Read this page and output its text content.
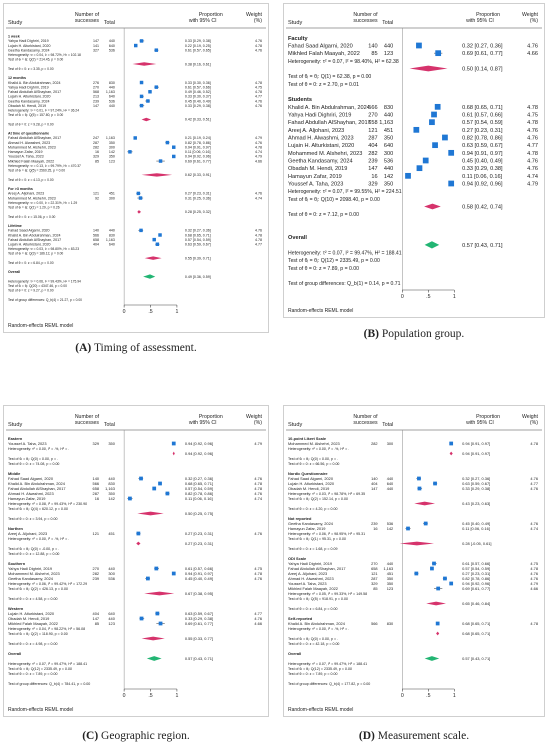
Study
Number of successes Total
Proportion with 95% CI
Weight (%)
1 week
Yahya Hadi Dighriri, 2019	147	440	0.33 [0.29, 0.38]	4.76
Lujain H. Alturkistani, 2020	141	640	0.22 [0.19, 0.25]	4.78
Geetha Kandasamy, 2024	327	536	0.61 [0.57, 0.65]	4.76
Heterogeneity: τ² = 0.04, I² = 98.72%, H² = 102.18
Test of θᵢ = θⱼ: Q(2) = 214.45, p = 0.00
0.38 [0.16, 0.61]
Test of θ = 0: z = 3.35, p = 0.00
12 months
Khalid A. Bin Abdulrahman, 2024	276	830	0.33 [0.30, 0.36]	4.78
Yahya Hadi Dighriri, 2019	270	440	0.61 [0.57, 0.66]	4.75
Fahad Abdullah AlShayhan, 2017	568 1,163	0.49 [0.46, 0.52]	4.78
Lujain H. Alturkistani, 2020	213	640	0.33 [0.30, 0.37]	4.77
Geetha Kandasamy, 2024	239	536	0.45 [0.40, 0.49]	4.76
Obadah M. Hendi, 2019	147	440	0.33 [0.29, 0.38]	4.76
Heterogeneity: τ² = 0.01, I² = 97.24%, H² = 36.24
Test of θᵢ = θⱼ: Q(5) = 157.80, p = 0.00
0.42 [0.33, 0.51]
Test of θ = 0: z = 9.28, p = 0.00
At time of questionnaire
Fahad Abdullah AlShayhan, 2017	247 1,163	0.21 [0.19, 0.24]	4.79
Ahmad H. Alwashmi, 2023	287	350	0.82 [0.78, 0.86]	4.76
Mohammed M. Alshehri, 2023	282	300	0.94 [0.91, 0.97]	4.78
Hamayun Zafar, 2019	16	142	0.11 [0.06, 0.16]	4.74
Youssef A. Taha, 2023	329	350	0.94 [0.92, 0.96]	4.79
Mikhled Falah Maayah, 2022	85	123	0.69 [0.61, 0.77]	4.66
Heterogeneity: τ² = 0.13, I² = 99.79%, H² = 470.37
Test of θᵢ = θⱼ: Q(5) = 2560.25, p = 0.00
0.62 [0.33, 0.91]
Test of θ = 0: z = 4.13, p = 0.00
For >3 months
Areej A. Aljohani, 2023	121	451	0.27 [0.23, 0.31]	4.76
Mohammed M. Alshehri, 2023	92	300	0.31 [0.25, 0.36]	4.74
Heterogeneity: τ² = 0.00, I² = 22.31%, H² = 1.29
Test of θᵢ = θⱼ: Q(1) = 1.29, p = 0.26
0.28 [0.25, 0.32]
Test of θ = 0: z = 15.06, p = 0.00
Lifetime
Fahad Saad Algarni, 2020	140	440	0.32 [0.27, 0.36]	4.76
Khalid A. Bin Abdulrahman, 2024	566	830	0.68 [0.65, 0.71]	4.78
Fahad Abdullah AlShayhan, 2017	658 1,163	0.57 [0.54, 0.59]	4.78
Lujain H. Alturkistani, 2020	404	640	0.63 [0.59, 0.67]	4.77
Heterogeneity: τ² = 0.03, I² = 98.80%, H² = 83.23
Test of θᵢ = θⱼ: Q(3) = 186.12, p = 0.00
0.55 [0.39, 0.71]
Test of θ = 0: z = 6.84, p = 0.00
Overall
0.49 [0.36, 0.59]
Heterogeneity: τ² = 0.06, I² = 99.43%, H² = 175.94
Test of θᵢ = θⱼ: Q(20) = 4347.46, p = 0.00
Test of θ = 0: z = 9.27, p = 0.00
Test of group differences: Q_b(4) = 21.27, p = 0.00
0	.5	1
Random-effects REML model
Study
Number of successes Total
Proportion with 95% CI
Weight (%)
Faculty
Fahad Saad Algarni, 2020	140 440	0.32 [0.27, 0.36]	4.76
Mikhled Falah Maayah, 2022 85 123	0.69 [0.61, 0.77]	4.66
Heterogeneity: τ² = 0.07, I² = 98.40%, H² = 62.38
0.50 [0.14, 0.87]
Test of θᵢ = θⱼ: Q(1) = 62.38, p = 0.00
Test of θ = 0: z = 2.70, p = 0.01
Students
Khalid A. Bin Abdulrahman, 2024
566 830	0.68 [0.65, 0.71]	4.78
Yahya Hadi Dighriri, 2019	270 440	0.61 [0.57, 0.66]	4.75
Fahad Abdullah AlShayhan, 2017
658 1,163	0.57 [0.54, 0.59]	4.78
Areej A. Aljohani, 2023	121 451	0.27 [0.23, 0.31]	4.76
Ahmad H. Alwashmi, 2023	287 350	0.82 [0.78, 0.86]	4.76
Lujain H. Alturkistani, 2020	404 640	0.63 [0.59, 0.67]	4.77
Mohammed M. Alshehri, 2023 282 300	0.94 [0.91, 0.97]	4.78
Geetha Kandasamy, 2024	239 536	0.45 [0.40, 0.49]	4.76
Obadah M. Hendi, 2019	147 440	0.33 [0.29, 0.38]	4.76
Hamayun Zafar, 2019	16 142	0.11 [0.06, 0.16]	4.74
Youssef A. Taha, 2023	329 350	0.94 [0.92, 0.96]	4.79
Heterogeneity: τ² = 0.07, I² = 99.55%, H² = 224.51
Test of θᵢ = θⱼ: Q(10) = 2098.40, p = 0.00
0.58 [0.42, 0.74]
Test of θ = 0: z = 7.12, p = 0.00
Overall
0.57 [0.43, 0.71]
Heterogeneity: τ² = 0.07, I² = 99.47%, H² = 188.41
Test of θᵢ = θⱼ: Q(12) = 2335.49, p = 0.00
Test of θ = 0: z = 7.89, p = 0.00
Test of group differences: Q_b(1) = 0.14, p = 0.71
0	.5	1
Random-effects REML model
Study
Number of successes Total
Proportion with 95% CI
Weight (%)
Eastern
Youssef A. Taha, 2023	329 350	0.94 [0.92, 0.96]	4.79
Heterogeneity: τ² = 0.00, I² = .%, H² = .
0.94 [0.92, 0.96]
Test of θᵢ = θⱼ: Q(0) = 0.00, p = .
Test of θ = 0: z = 74.08, p = 0.00
Middle
Fahad Saad Algarni, 2020	140 440	0.32 [0.27, 0.36]	4.76
Khalid A. Bin Abdulrahman, 2024	566 830	0.68 [0.65, 0.71]	4.78
Fahad Abdullah AlShayhan, 2017	658 1,163	0.57 [0.54, 0.59]	4.78
Ahmad H. Alwashmi, 2023	287 350	0.82 [0.78, 0.86]	4.76
Hamayun Zafar, 2019	16 142	0.11 [0.06, 0.16]	4.74
Heterogeneity: τ² = 0.08, I² = 99.43%, H² = 230.90
Test of θᵢ = θⱼ: Q(4) = 620.12, p = 0.00
0.50 [0.25, 0.75]
Test of θ = 0: z = 3.94, p = 0.00
Northen
Areej A. Aljohani, 2023	121 451	0.27 [0.23, 0.31]	4.76
Heterogeneity: τ² = 0.00, I² = .%, H² = .
0.27 [0.23, 0.31]
Test of θᵢ = θⱼ: Q(0) = -0.00, p = .
Test of θ = 0: z = 12.88, p = 0.00
Southern
Yahya Hadi Dighriri, 2019	270 440	0.61 [0.57, 0.66]	4.75
Mohammed M. Alshehri, 2023	282 300	0.94 [0.91, 0.97]	4.78
Geetha Kandasamy, 2024	239 536	0.45 [0.40, 0.49]	4.76
Heterogeneity: τ² = 0.06, I² = 99.42%, H² = 172.29
Test of θᵢ = θⱼ: Q(2) = 426.13, p = 0.00
0.67 [0.38, 0.95]
Test of θ = 0: z = 4.58, p = 0.00
Western
Lujain H. Alturkistani, 2020	404 640	0.63 [0.59, 0.67]	4.77
Obadah M. Hendi, 2019	147 440	0.33 [0.29, 0.38]	4.76
Mikhled Falah Maayah, 2022	85 123	0.69 [0.61, 0.77]	4.66
Heterogeneity: τ² = 0.04, I² = 98.22%, H² = 56.08
Test of θᵢ = θⱼ: Q(2) = 118.90, p = 0.00
0.55 [0.33, 0.77]
Test of θ = 0: z = 4.98, p = 0.00
Overall
0.57 [0.43, 0.71]
Heterogeneity: τ² = 0.07, I² = 99.47%, H² = 188.41
Test of θᵢ = θⱼ: Q(12) = 2335.49, p = 0.00
Test of θ = 0: z = 7.89, p = 0.00
Test of group differences: Q_b(4) = 784.41, p = 0.00
0	.5	1
Random-effects REML model
Study
Number of successes Total
Proportion with 95% CI
Weight (%)
10-point Likert Scale
Mohammed M. Alshehri, 2023	282 300	0.94 [0.91, 0.97]	4.78
Heterogeneity: τ² = 0.00, I² = .%, H² = .
0.94 [0.91, 0.97]
Test of θᵢ = θⱼ: Q(0) = 0.00, p = .
Test of θ = 0: z = 66.56, p = 0.00
Nordic Questionnaire
Fahad Saad Algarni, 2020	140 440	0.32 [0.27, 0.36]	4.76
Lujain H. Alturkistani, 2020	404 640	0.63 [0.59, 0.67]	4.77
Obadah M. Hendi, 2019	147 440	0.33 [0.29, 0.38]	4.76
Heterogeneity: τ² = 0.03, I² = 98.78%, H² = 69.35
Test of θᵢ = θⱼ: Q(2) = 152.14, p = 0.00
0.43 [0.23, 0.63]
Test of θ = 0: z = 4.20, p = 0.00
Not reported
Geetha Kandasamy, 2024	239 536	0.45 [0.40, 0.49]	4.76
Hamayun Zafar, 2019	16 142	0.11 [0.06, 0.16]	4.74
Heterogeneity: τ² = 0.06, I² = 98.95%, H² = 95.31
Test of θᵢ = θⱼ: Q(1) = 95.31, p = 0.00
0.28 [-0.05, 0.61]
Test of θ = 0: z = 1.68, p = 0.09
ODI Scale
Yahya Hadi Dighriri, 2019	270 440	0.61 [0.57, 0.66]	4.75
Fahad Abdullah AlShayhan, 2017	658 1,163	0.57 [0.54, 0.59]	4.78
Areej A. Aljohani, 2023	121 451	0.27 [0.23, 0.31]	4.76
Ahmad H. Alwashmi, 2023	287 350	0.82 [0.78, 0.86]	4.76
Youssef A. Taha, 2023	329 350	0.94 [0.92, 0.96]	4.79
Mikhled Falah Maayah, 2022	85 123	0.69 [0.61, 0.77]	4.66
Heterogeneity: τ² = 0.05, I² = 99.33%, H² = 149.58
Test of θᵢ = θⱼ: Q(5) = 918.91, p = 0.00
0.65 [0.46, 0.84]
Test of θ = 0: z = 6.84, p = 0.00
Self-reported
Khalid A. Bin Abdulrahman, 2024	566 830	0.68 [0.65, 0.71]	4.78
Heterogeneity: τ² = 0.00, I² = .%, H² = .
0.68 [0.65, 0.71]
Test of θᵢ = θⱼ: Q(0) = 0.00, p = .
Test of θ = 0: z = 42.18, p = 0.00
Overall
0.57 [0.43, 0.71]
Heterogeneity: τ² = 0.07, I² = 99.47%, H² = 188.41
Test of θᵢ = θⱼ: Q(12) = 2335.49, p = 0.00
Test of θ = 0: z = 7.89, p = 0.00
Test of group differences: Q_b(4) = 177.82, p = 0.00
0	.5	1
Random-effects REML model
(A) Timing of assessment.
(B) Population group.
(C) Geographic region.	(D) Measurement scale.
